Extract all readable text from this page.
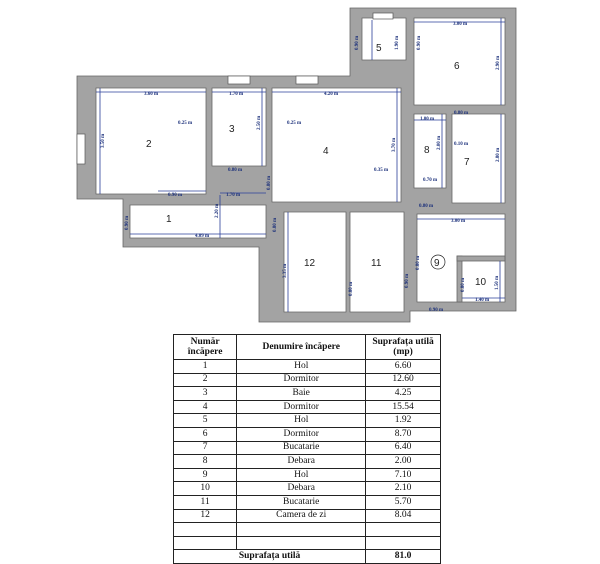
1
2
3
4
5
6
7
8
9
10
11
12
3.60 m
3.50 m
0.90 m
1.70 m
2.50 m
0.25 m
0.80 m
4.20 m
3.70 m
0.25 m
0.35 m
0.80 m
1.70 m
2.20 m
4.09 m
0.90 m	0.80 m
0.90 m	1.90 m	0.90 m
3.00 m
2.90 m
0.80 m
1.00 m
2.00 m
0.70 m
0.10 m
2.80 m
3.00 m
0.80 m
0.90 m
0.90 m
0.80 m
1.40 m
1.50 m
0.80 m
0.80 m
3.35 m
Număr încăpere	Denumire încăpere	Suprafața utilă (mp)
1	Hol	6.60
2	Dormitor	12.60
3	Baie	4.25
4	Dormitor	15.54
5	Hol	1.92
6	Dormitor	8.70
7	Bucatarie	6.40
8	Debara	2.00
9	Hol	7.10
10	Debara	2.10
11	Bucatarie	5.70
12	Camera de zi	8.04

Suprafața utilă		81.0
